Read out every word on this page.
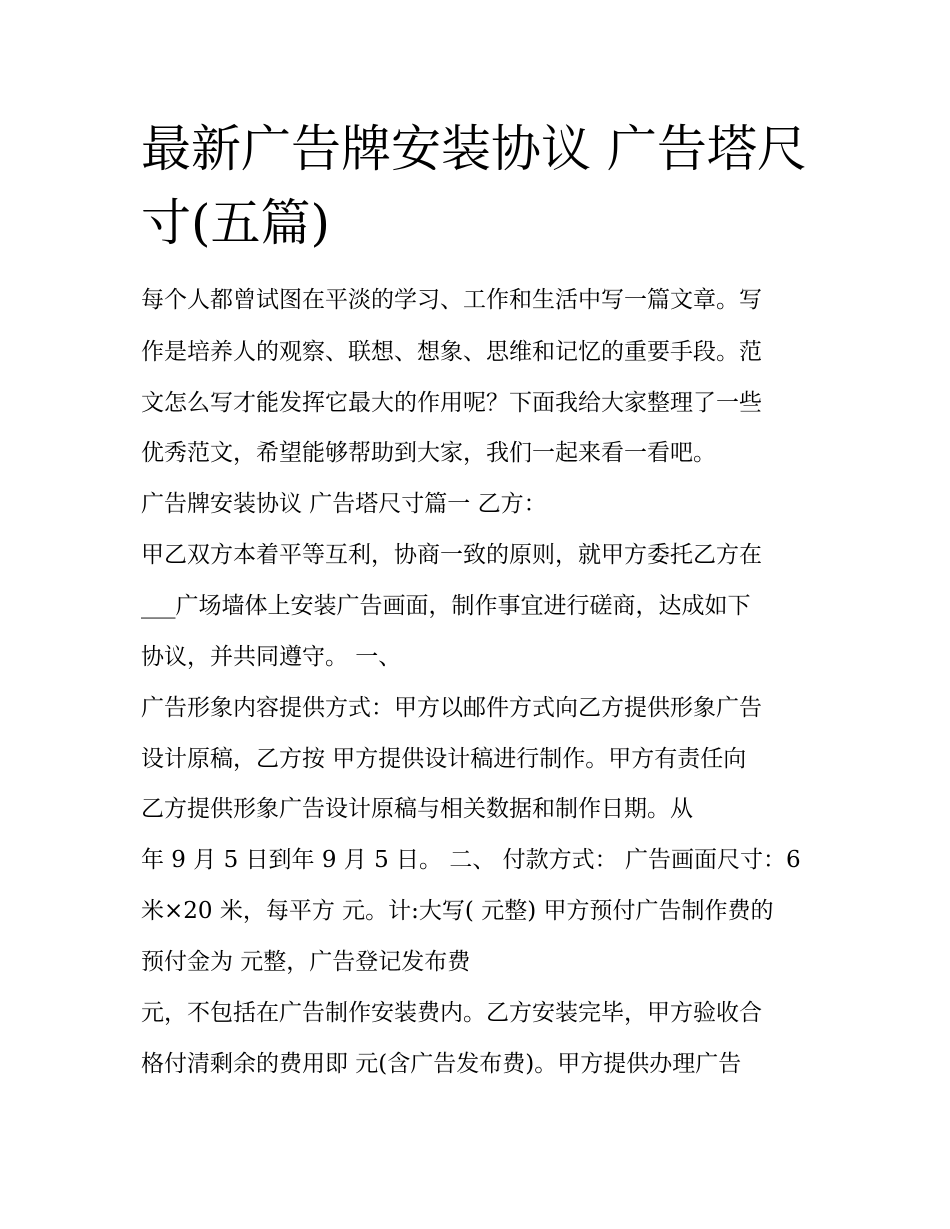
最新广告牌安装协议 广告塔尺寸(五篇)

每个人都曾试图在平淡的学习、工作和生活中写一篇文章。写

作是培养人的观察、联想、想象、思维和记忆的重要手段。范

文怎么写才能发挥它最大的作用呢？下面我给大家整理了一些

优秀范文，希望能够帮助到大家，我们一起来看一看吧。

广告牌安装协议 广告塔尺寸篇一 乙方：

甲乙双方本着平等互利，协商一致的原则，就甲方委托乙方在

___广场墙体上安装广告画面，制作事宜进行磋商，达成如下

协议，并共同遵守。 一、

广告形象内容提供方式：甲方以邮件方式向乙方提供形象广告

设计原稿，乙方按 甲方提供设计稿进行制作。甲方有责任向

乙方提供形象广告设计原稿与相关数据和制作日期。从

年 9 月 5 日到年 9 月 5 日。 二、 付款方式： 广告画面尺寸：6

米×20 米，每平方 元。计:大写( 元整) 甲方预付广告制作费的

预付金为 元整，广告登记发布费

元，不包括在广告制作安装费内。乙方安装完毕，甲方验收合

格付清剩余的费用即 元(含广告发布费)。甲方提供办理广告
